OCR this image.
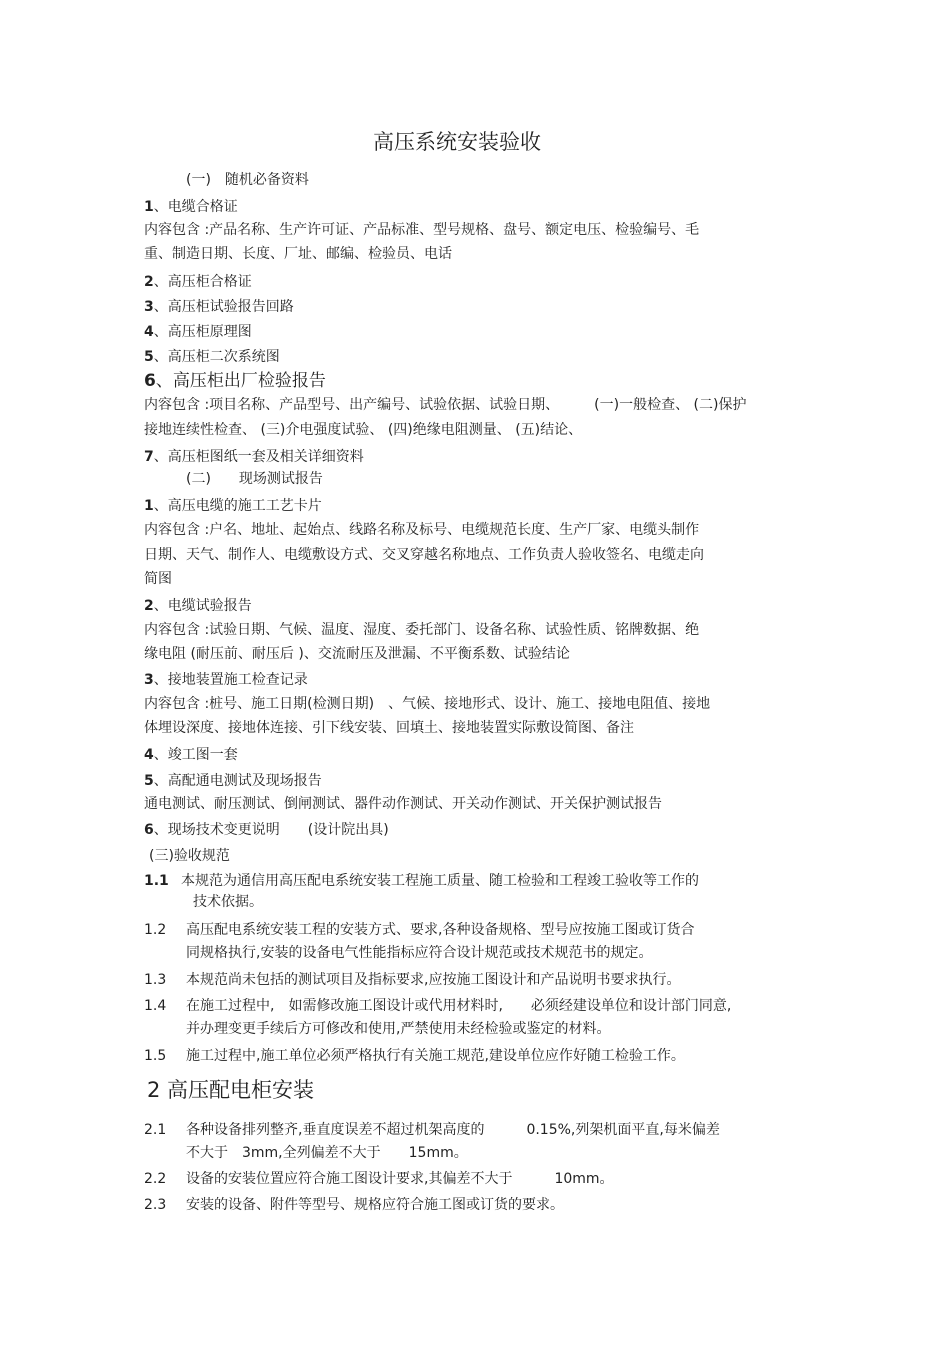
高压系统安装验收
(一)　随机必备资料
1、电缆合格证
内容包含 :产品名称、生产许可证、产品标准、型号规格、盘号、额定电压、检验编号、毛
重、制造日期、长度、厂址、邮编、检验员、电话
2、高压柜合格证
3、高压柜试验报告回路
4、高压柜原理图
5、高压柜二次系统图
6、高压柜出厂检验报告
内容包含 :项目名称、产品型号、出产编号、试验依据、试验日期、　　　(一)一般检查、 (二)保护
接地连续性检查、 (三)介电强度试验、 (四)绝缘电阻测量、 (五)结论、
7、高压柜图纸一套及相关详细资料
(二)　　现场测试报告
1、高压电缆的施工工艺卡片
内容包含 :户名、地址、起始点、线路名称及标号、电缆规范长度、生产厂家、电缆头制作
日期、天气、制作人、电缆敷设方式、交叉穿越名称地点、工作负责人验收签名、电缆走向
简图
2、电缆试验报告
内容包含 :试验日期、气候、温度、湿度、委托部门、设备名称、试验性质、铭牌数据、绝
缘电阻 (耐压前、耐压后 )、交流耐压及泄漏、不平衡系数、试验结论
3、接地装置施工检查记录
内容包含 :桩号、施工日期(检测日期)　、气候、接地形式、设计、施工、接地电阻值、接地
体埋设深度、接地体连接、引下线安装、回填土、接地装置实际敷设简图、备注
4、竣工图一套
5、高配通电测试及现场报告
通电测试、耐压测试、倒闸测试、器件动作测试、开关动作测试、开关保护测试报告
6、现场技术变更说明　　(设计院出具)
(三)验收规范
1.1 本规范为通信用高压配电系统安装工程施工质量、随工检验和工程竣工验收等工作的
技术依据。
1.2 高压配电系统安装工程的安装方式、要求,各种设备规格、型号应按施工图或订货合
同规格执行,安装的设备电气性能指标应符合设计规范或技术规范书的规定。
1.3 本规范尚未包括的测试项目及指标要求,应按施工图设计和产品说明书要求执行。
1.4 在施工过程中,　如需修改施工图设计或代用材料时,　　必须经建设单位和设计部门同意,
并办理变更手续后方可修改和使用,严禁使用未经检验或鉴定的材料。
1.5 施工过程中,施工单位必须严格执行有关施工规范,建设单位应作好随工检验工作。
2 高压配电柜安装
2.1 各种设备排列整齐,垂直度误差不超过机架高度的　　　0.15%,列架机面平直,每米偏差
不大于　3mm,全列偏差不大于　　15mm。
2.2 设备的安装位置应符合施工图设计要求,其偏差不大于　　　10mm。
2.3 安装的设备、附件等型号、规格应符合施工图或订货的要求。
